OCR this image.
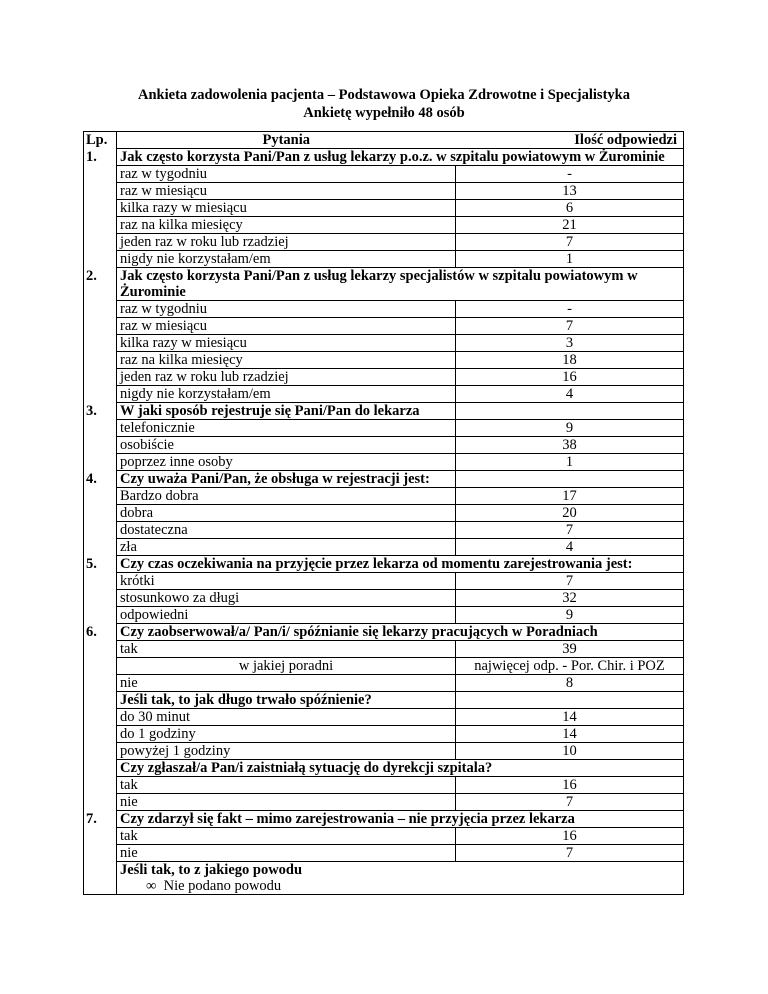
Ankieta zadowolenia pacjenta – Podstawowa Opieka Zdrowotne i Specjalistyka
Ankietę wypełniło 48 osób
Lp.	Pytania	Ilość odpowiedzi
1.	Jak często korzysta Pani/Pan z usług lekarzy p.o.z. w szpitalu powiatowym w Żurominie	
	raz w tygodniu	-
	raz w miesiącu	13
	kilka razy w miesiącu	6
	raz na kilka miesięcy	21
	jeden raz w roku lub rzadziej	7
	nigdy nie korzystałam/em	1
2.	Jak często korzysta Pani/Pan z usług lekarzy specjalistów w szpitalu powiatowym w Żurominie	
	raz w tygodniu	-
	raz w miesiącu	7
	kilka razy w miesiącu	3
	raz na kilka miesięcy	18
	jeden raz w roku lub rzadziej	16
	nigdy nie korzystałam/em	4
3.	W jaki sposób rejestruje się Pani/Pan do lekarza	
	telefonicznie	9
	osobiście	38
	poprzez inne osoby	1
4.	Czy uważa Pani/Pan, że obsługa w rejestracji jest:	
	Bardzo dobra	17
	dobra	20
	dostateczna	7
	zła	4
5.	Czy czas oczekiwania na przyjęcie przez lekarza od momentu zarejestrowania jest:	
	krótki	7
	stosunkowo za długi	32
	odpowiedni	9
6.	Czy zaobserwował/a/ Pan/i/ spóźnianie się lekarzy pracujących w Poradniach	
	tak	39
	w jakiej poradni	najwięcej odp. - Por. Chir. i POZ
	nie	8
	Jeśli tak, to jak długo trwało spóźnienie?	
	do 30 minut	14
	do 1 godziny	14
	powyżej 1 godziny	10
	Czy zgłaszał/a Pan/i zaistniałą sytuację do dyrekcji szpitala?	
	tak	16
	nie	7
7.	Czy zdarzył się fakt – mimo zarejestrowania – nie przyjęcia przez lekarza	
	tak	16
	nie	7

	Jeśli tak, to z jakiego powodu
∞ Nie podano powodu	
